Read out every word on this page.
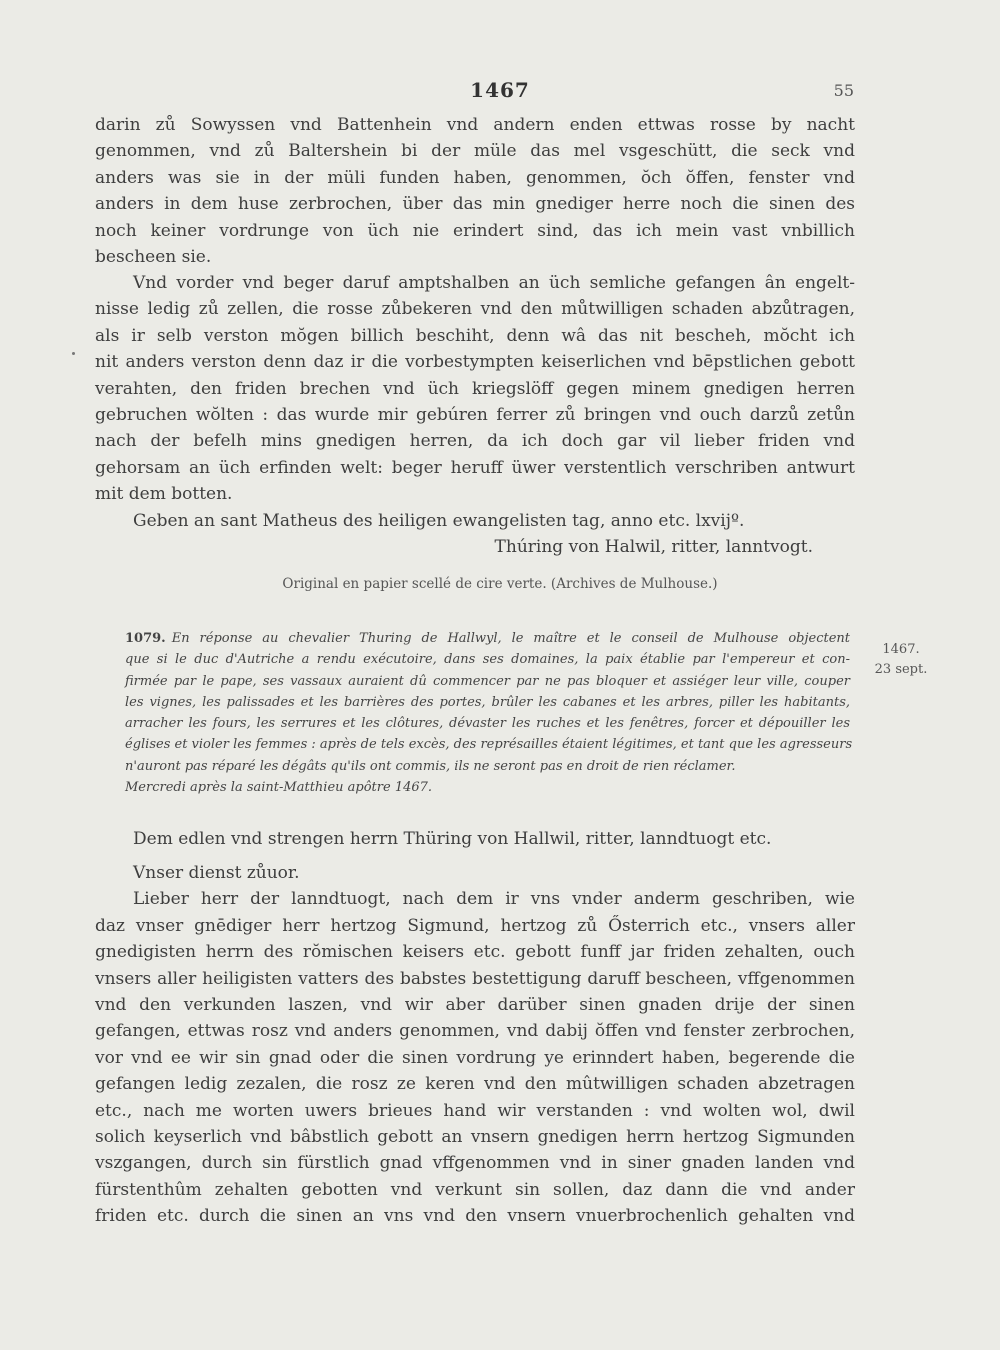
1467	55
darin zů Sowyssen vnd Battenhein vnd andern enden ettwas rosse by nacht
genommen, vnd zů Baltershein bi der müle das mel vsgeschütt, die seck vnd
anders was sie in der müli funden haben, genommen, ŏch ŏffen, fenster vnd
anders in dem huse zerbrochen, über das min gnediger herre noch die sinen des
noch keiner vordrunge von üch nie erindert sind, das ich mein vast vnbillich
bescheen sie.
Vnd vorder vnd beger daruf amptshalben an üch semliche gefangen ân engelt-
nisse ledig zů zellen, die rosse zůbekeren vnd den můtwilligen schaden abzůtragen,
als ir selb verston mŏgen billich beschiht, denn wâ das nit bescheh, mŏcht ich
nit anders verston denn daz ir die vorbestympten keiserlichen vnd bēpstlichen gebott
verahten, den friden brechen vnd üch kriegslöff gegen minem gnedigen herren
gebruchen wŏlten : das wurde mir gebúren ferrer zů bringen vnd ouch darzů zetůn
nach der befelh mins gnedigen herren, da ich doch gar vil lieber friden vnd
gehorsam an üch erfinden welt: beger heruff üwer verstentlich verschriben antwurt
mit dem botten.
Geben an sant Matheus des heiligen ewangelisten tag, anno etc. lxvijº.
Thúring von Halwil, ritter, lanntvogt.
Original en papier scellé de cire verte. (Archives de Mulhouse.)
1079. En réponse au chevalier Thuring de Hallwyl, le maître et le conseil de Mulhouse objectent
que si le duc d'Autriche a rendu exécutoire, dans ses domaines, la paix établie par l'empereur et con-
firmée par le pape, ses vassaux auraient dû commencer par ne pas bloquer et assiéger leur ville, couper
les vignes, les palissades et les barrières des portes, brûler les cabanes et les arbres, piller les habitants,
arracher les fours, les serrures et les clôtures, dévaster les ruches et les fenêtres, forcer et dépouiller les
églises et violer les femmes : après de tels excès, des représailles étaient légitimes, et tant que les agresseurs
n'auront pas réparé les dégâts qu'ils ont commis, ils ne seront pas en droit de rien réclamer.
Mercredi après la saint-Matthieu apôtre 1467.
1467.
23 sept.
Dem edlen vnd strengen herrn Thüring von Hallwil, ritter, lanndtuogt etc.
Vnser dienst zůuor.
Lieber herr der lanndtuogt, nach dem ir vns vnder anderm geschriben, wie
daz vnser gnēdiger herr hertzog Sigmund, hertzog zů Ősterrich etc., vnsers aller
gnedigisten herrn des rŏmischen keisers etc. gebott funff jar friden zehalten, ouch
vnsers aller heiligisten vatters des babstes bestettigung daruff bescheen, vffgenommen
vnd den verkunden laszen, vnd wir aber darüber sinen gnaden drije der sinen
gefangen, ettwas rosz vnd anders genommen, vnd dabij ŏffen vnd fenster zerbrochen,
vor vnd ee wir sin gnad oder die sinen vordrung ye erinndert haben, begerende die
gefangen ledig zezalen, die rosz ze keren vnd den mûtwilligen schaden abzetragen
etc., nach me worten uwers brieues hand wir verstanden : vnd wolten wol, dwil
solich keyserlich vnd bâbstlich gebott an vnsern gnedigen herrn hertzog Sigmunden
vszgangen, durch sin fürstlich gnad vffgenommen vnd in siner gnaden landen vnd
fürstenthûm zehalten gebotten vnd verkunt sin sollen, daz dann die vnd ander
friden etc. durch die sinen an vns vnd den vnsern vnuerbrochenlich gehalten vnd
